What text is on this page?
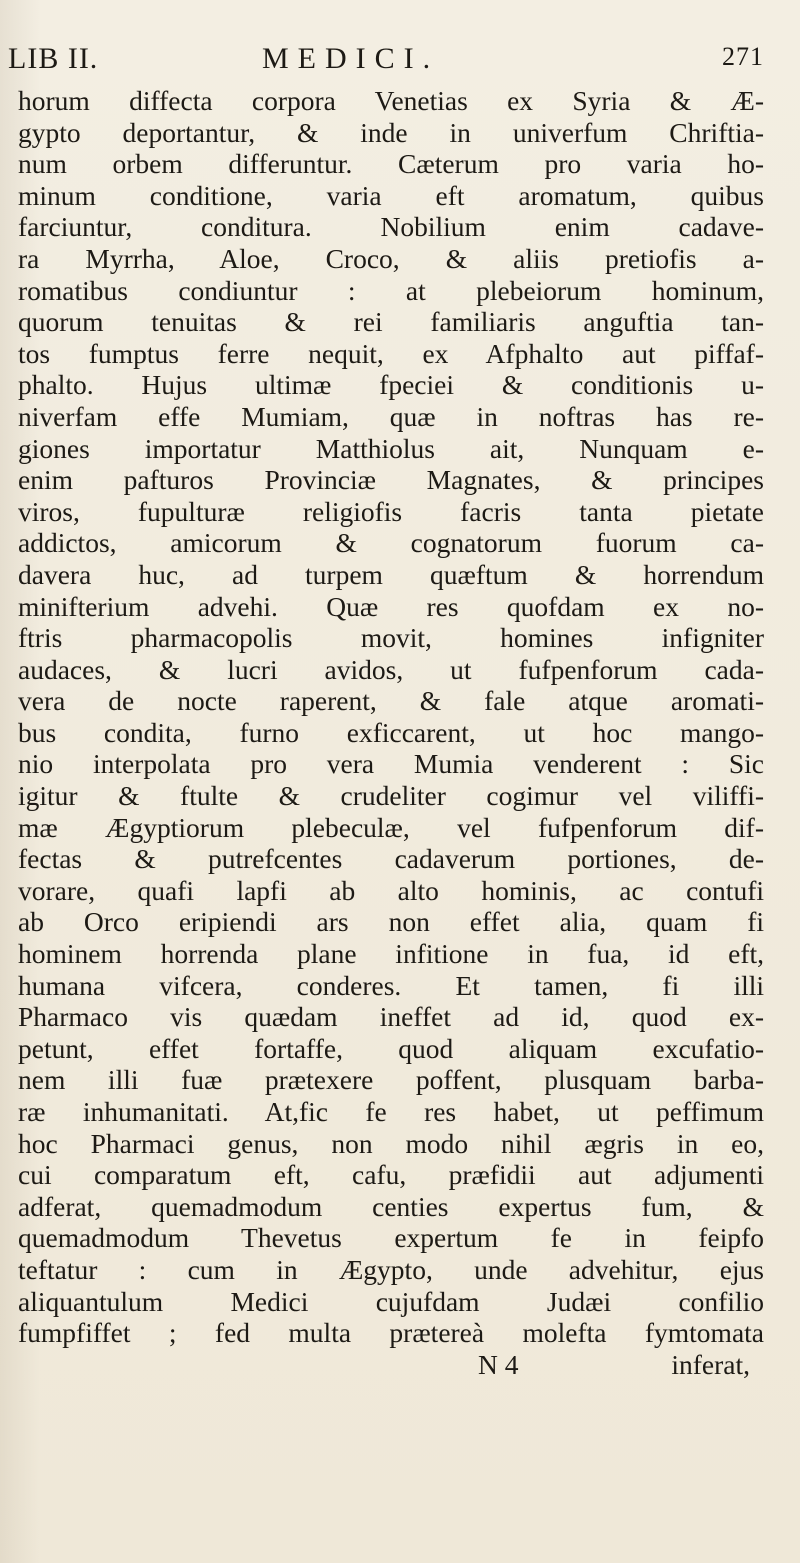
LIB II.	MEDICI.	271
horum diffecta corpora Venetias ex Syria & Æ-
gypto deportantur, & inde in univerfum Chriftia-
num orbem differuntur. Cæterum pro varia ho-
minum conditione, varia eft aromatum, quibus
farciuntur, conditura. Nobilium enim cadave-
ra Myrrha, Aloe, Croco, & aliis pretiofis a-
romatibus condiuntur : at plebeiorum hominum,
quorum tenuitas & rei familiaris anguftia tan-
tos fumptus ferre nequit, ex Afphalto aut piffaf-
phalto. Hujus ultimæ fpeciei & conditionis u-
niverfam effe Mumiam, quæ in noftras has re-
giones importatur Matthiolus ait, Nunquam e-
enim pafturos Provinciæ Magnates, & principes
viros, fupulturæ religiofis facris tanta pietate
addictos, amicorum & cognatorum fuorum ca-
davera huc, ad turpem quæftum & horrendum
minifterium advehi. Quæ res quofdam ex no-
ftris pharmacopolis movit, homines infigniter
audaces, & lucri avidos, ut fufpenforum cada-
vera de nocte raperent, & fale atque aromati-
bus condita, furno exficcarent, ut hoc mango-
nio interpolata pro vera Mumia venderent : Sic
igitur & ftulte & crudeliter cogimur vel viliffi-
mæ Ægyptiorum plebeculæ, vel fufpenforum dif-
fectas & putrefcentes cadaverum portiones, de-
vorare, quafi lapfi ab alto hominis, ac contufi
ab Orco eripiendi ars non effet alia, quam fi
hominem horrenda plane infitione in fua, id eft,
humana vifcera, conderes. Et tamen, fi illi
Pharmaco vis quædam ineffet ad id, quod ex-
petunt, effet fortaffe, quod aliquam excufatio-
nem illi fuæ prætexere poffent, plusquam barba-
ræ inhumanitati. At,fic fe res habet, ut peffimum
hoc Pharmaci genus, non modo nihil ægris in eo,
cui comparatum eft, cafu, præfidii aut adjumenti
adferat, quemadmodum centies expertus fum, &
quemadmodum Thevetus expertum fe in feipfo
teftatur : cum in Ægypto, unde advehitur, ejus
aliquantulum Medici cujufdam Judæi confilio
fumpfiffet ; fed multa prætereà molefta fymtomata
N 4	inferat,
